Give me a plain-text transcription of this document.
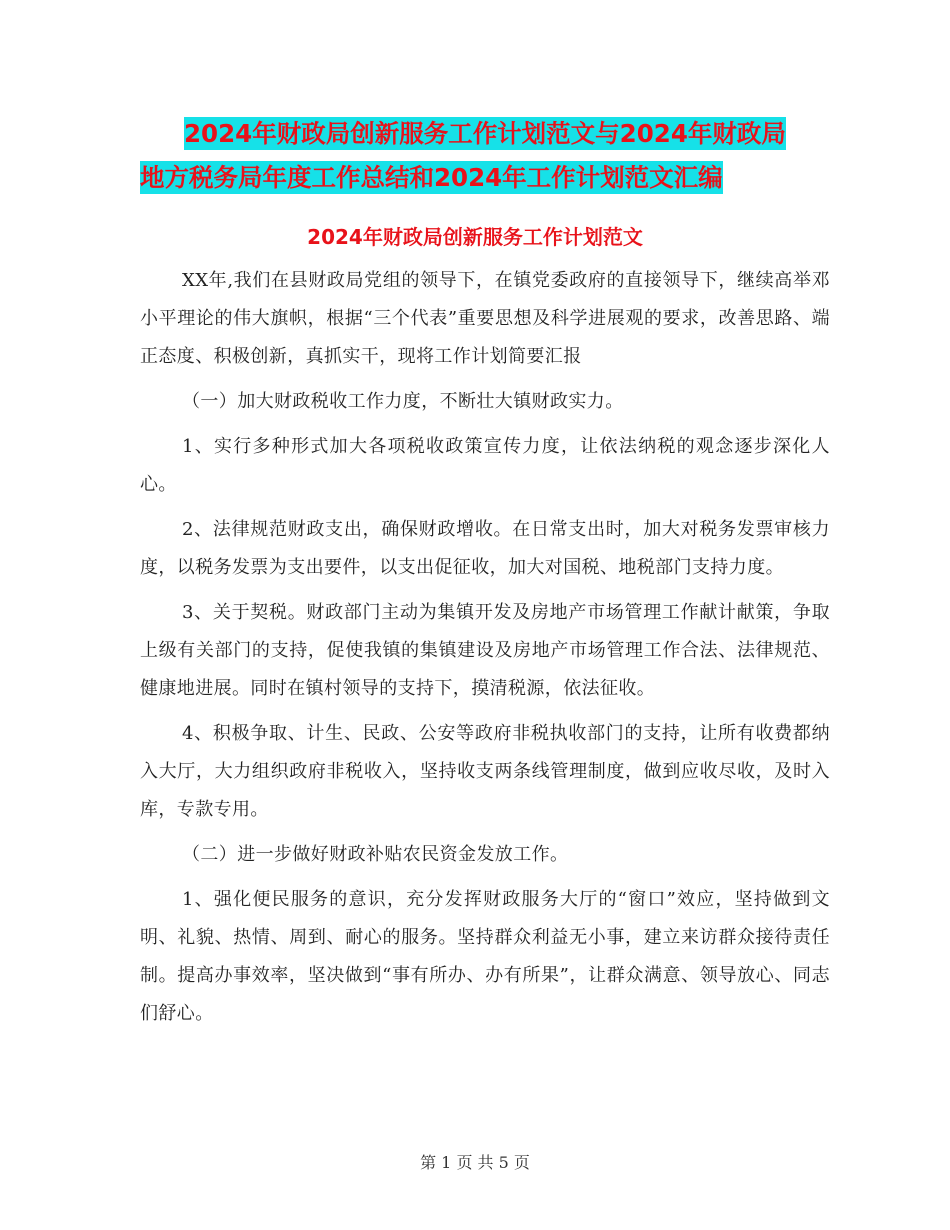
2024年财政局创新服务工作计划范文与2024年财政局
地方税务局年度工作总结和2024年工作计划范文汇编
2024年财政局创新服务工作计划范文

XX年,我们在县财政局党组的领导下，在镇党委政府的直接领导下，继续高举邓小平理论的伟大旗帜，根据“三个代表”重要思想及科学进展观的要求，改善思路、端正态度、积极创新，真抓实干，现将工作计划简要汇报

（一）加大财政税收工作力度，不断壮大镇财政实力。

1、实行多种形式加大各项税收政策宣传力度，让依法纳税的观念逐步深化人心。

2、法律规范财政支出，确保财政增收。在日常支出时，加大对税务发票审核力度，以税务发票为支出要件，以支出促征收，加大对国税、地税部门支持力度。

3、关于契税。财政部门主动为集镇开发及房地产市场管理工作献计献策，争取上级有关部门的支持，促使我镇的集镇建设及房地产市场管理工作合法、法律规范、健康地进展。同时在镇村领导的支持下，摸清税源，依法征收。

4、积极争取、计生、民政、公安等政府非税执收部门的支持，让所有收费都纳入大厅，大力组织政府非税收入，坚持收支两条线管理制度，做到应收尽收，及时入库，专款专用。

（二）进一步做好财政补贴农民资金发放工作。

1、强化便民服务的意识，充分发挥财政服务大厅的“窗口”效应，坚持做到文明、礼貌、热情、周到、耐心的服务。坚持群众利益无小事，建立来访群众接待责任制。提高办事效率，坚决做到“事有所办、办有所果”，让群众满意、领导放心、同志们舒心。

第 1 页 共 5 页
